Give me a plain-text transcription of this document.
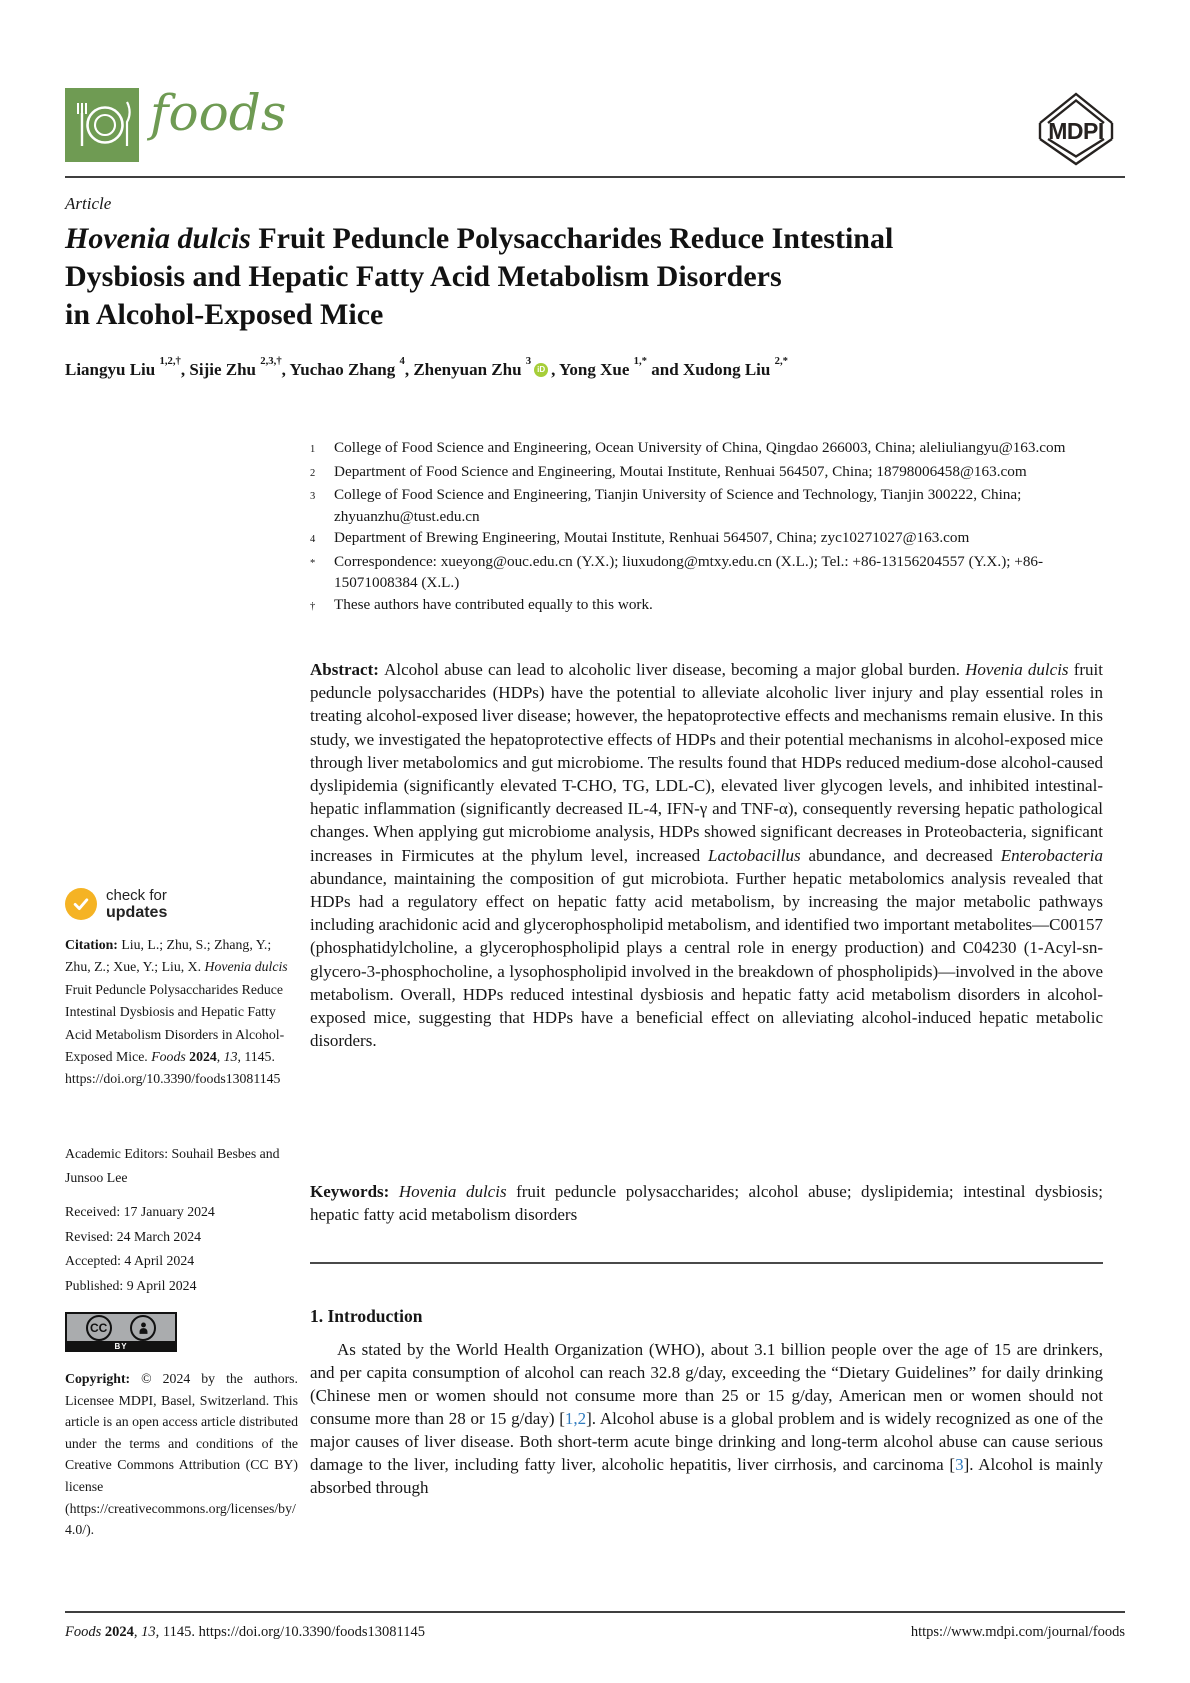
foods	MDPI
Article
Hovenia dulcis Fruit Peduncle Polysaccharides Reduce Intestinal
Dysbiosis and Hepatic Fatty Acid Metabolism Disorders
in Alcohol-Exposed Mice
Liangyu Liu $^{1,2,\dagger}$, Sijie Zhu $^{2,3,\dagger}$, Yuchao Zhang $^4$, Zhenyuan Zhu $^3$iD , Yong Xue $^{1,*}$ and Xudong Liu $^{2,*}$
1	College of Food Science and Engineering, Ocean University of China, Qingdao 266003, China; aleliuliangyu@163.com
2	Department of Food Science and Engineering, Moutai Institute, Renhuai 564507, China; 18798006458@163.com
3	College of Food Science and Engineering, Tianjin University of Science and Technology, Tianjin 300222, China; zhyuanzhu@tust.edu.cn
4	Department of Brewing Engineering, Moutai Institute, Renhuai 564507, China; zyc10271027@163.com
*	Correspondence: xueyong@ouc.edu.cn (Y.X.); liuxudong@mtxy.edu.cn (X.L.); Tel.: +86-13156204557 (Y.X.); +86-15071008384 (X.L.)
†	These authors have contributed equally to this work.

Abstract: Alcohol abuse can lead to alcoholic liver disease, becoming a major global burden. Hovenia dulcis fruit peduncle polysaccharides (HDPs) have the potential to alleviate alcoholic liver injury and play essential roles in treating alcohol-exposed liver disease; however, the hepatoprotective effects and mechanisms remain elusive. In this study, we investigated the hepatoprotective effects of HDPs and their potential mechanisms in alcohol-exposed mice through liver metabolomics and gut microbiome. The results found that HDPs reduced medium-dose alcohol-caused dyslipidemia (significantly elevated T-CHO, TG, LDL-C), elevated liver glycogen levels, and inhibited intestinal-hepatic inflammation (significantly decreased IL-4, IFN-γ and TNF-α), consequently reversing hepatic pathological changes. When applying gut microbiome analysis, HDPs showed significant decreases in Proteobacteria, significant increases in Firmicutes at the phylum level, increased Lactobacillus abundance, and decreased Enterobacteria abundance, maintaining the composition of gut microbiota. Further hepatic metabolomics analysis revealed that HDPs had a regulatory effect on hepatic fatty acid metabolism, by increasing the major metabolic pathways including arachidonic acid and glycerophospholipid metabolism, and identified two important metabolites—C00157 (phosphatidylcholine, a glycerophospholipid plays a central role in energy production) and C04230 (1-Acyl-sn-glycero-3-phosphocholine, a lysophospholipid involved in the breakdown of phospholipids)—involved in the above metabolism. Overall, HDPs reduced intestinal dysbiosis and hepatic fatty acid metabolism disorders in alcohol-exposed mice, suggesting that HDPs have a beneficial effect on alleviating alcohol-induced hepatic metabolic disorders.

Keywords: Hovenia dulcis fruit peduncle polysaccharides; alcohol abuse; dyslipidemia; intestinal dysbiosis; hepatic fatty acid metabolism disorders

1. Introduction

As stated by the World Health Organization (WHO), about 3.1 billion people over the age of 15 are drinkers, and per capita consumption of alcohol can reach 32.8 g/day, exceeding the “Dietary Guidelines” for daily drinking (Chinese men or women should not consume more than 25 or 15 g/day, American men or women should not consume more than 28 or 15 g/day) [1,2]. Alcohol abuse is a global problem and is widely recognized as one of the major causes of liver disease. Both short-term acute binge drinking and long-term alcohol abuse can cause serious damage to the liver, including fatty liver, alcoholic hepatitis, liver cirrhosis, and carcinoma [3]. Alcohol is mainly absorbed through

check for
updates

Citation: Liu, L.; Zhu, S.; Zhang, Y.; Zhu, Z.; Xue, Y.; Liu, X. Hovenia dulcis Fruit Peduncle Polysaccharides Reduce Intestinal Dysbiosis and Hepatic Fatty Acid Metabolism Disorders in Alcohol-Exposed Mice. Foods 2024, 13, 1145. https://doi.org/10.3390/foods13081145

Academic Editors: Souhail Besbes and Junsoo Lee

Received: 17 January 2024
Revised: 24 March 2024
Accepted: 4 April 2024
Published: 9 April 2024
CC
BY

Copyright: © 2024 by the authors. Licensee MDPI, Basel, Switzerland. This article is an open access article distributed under the terms and conditions of the Creative Commons Attribution (CC BY) license (https://creativecommons.org/licenses/by/4.0/).

Foods 2024, 13, 1145. https://doi.org/10.3390/foods13081145	https://www.mdpi.com/journal/foods
